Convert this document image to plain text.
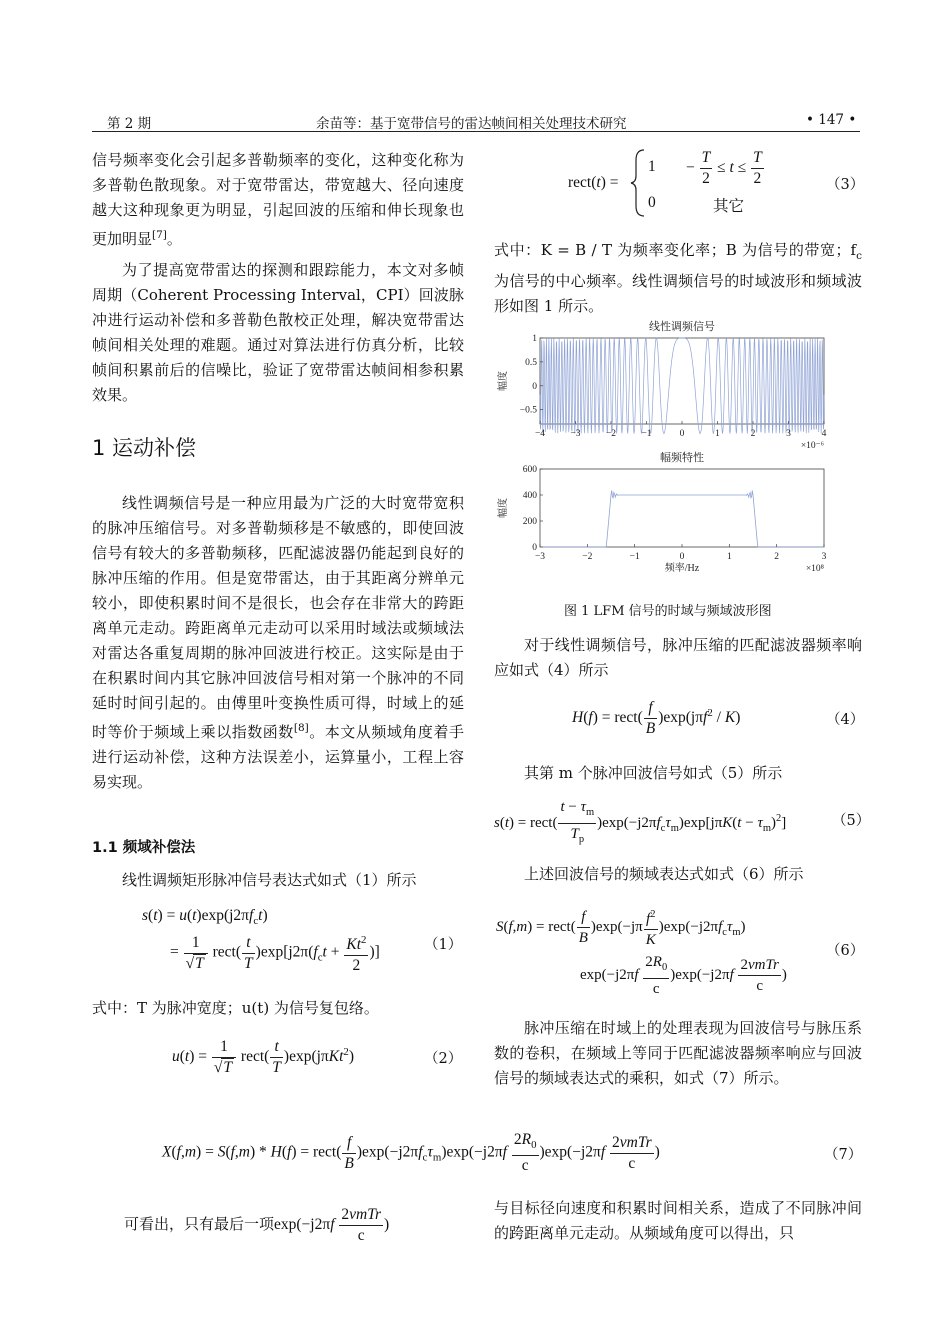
第 2 期	余苗等：基于宽带信号的雷达帧间相关处理技术研究	• 147 •

信号频率变化会引起多普勒频率的变化，这种变化称为多普勒色散现象。对于宽带雷达，带宽越大、径向速度越大这种现象更为明显，引起回波的压缩和伸长现象也更加明显[7]。

为了提高宽带雷达的探测和跟踪能力，本文对多帧周期（Coherent Processing Interval，CPI）回波脉冲进行运动补偿和多普勒色散校正处理，解决宽带雷达帧间相关处理的难题。通过对算法进行仿真分析，比较帧间积累前后的信噪比，验证了宽带雷达帧间相参积累效果。

1 运动补偿

线性调频信号是一种应用最为广泛的大时宽带宽积的脉冲压缩信号。对多普勒频移是不敏感的，即使回波信号有较大的多普勒频移，匹配滤波器仍能起到良好的脉冲压缩的作用。但是宽带雷达，由于其距离分辨单元较小，即使积累时间不是很长，也会存在非常大的跨距离单元走动。跨距离单元走动可以采用时域法或频域法对雷达各重复周期的脉冲回波进行校正。这实际是由于在积累时间内其它脉冲回波信号相对第一个脉冲的不同延时时间引起的。由傅里叶变换性质可得，时域上的延时等价于频域上乘以指数函数[8]。本文从频域角度着手进行运动补偿，这种方法误差小，运算量小，工程上容易实现。

1.1 频域补偿法

线性调频矩形脉冲信号表达式如式（1）所示

$s(t) = u(t)\exp(j2\pi f_ct)$
= $\frac{1}{√T}$ rect( $\frac{t}{T} )\exp[j2\pi(f_ct + \frac{Kt^2}{2}$ )]	（1）

式中：T 为脉冲宽度；u(t) 为信号复包络。

$u(t) = \frac{1}{√T}$ rect( $\frac{t}{T} )\exp(j\pi Kt^2)$	（2）
X(f,m) = S(f,m) * H(f) = rect( $\frac{f}{B} )\exp(-j2\pi f_c\tau_m)\exp(-j2\pi f \frac{2R_0}{c} )\exp(-j2\pi f \frac{\text{2vmTr}}{c}$ )	（7）
可看出，只有最后一项$\exp(-j2\pi f \frac{\text{2vmTr}}{c}$ )
rect(t) =
$1 - \frac{T}{2} \le t \le \frac{T}{2}$
0	其它
（3）

式中：K = B / T 为频率变化率；B 为信号的带宽；$f_c$ 为信号的中心频率。线性调频信号的时域波形和频域波形如图 1 所示。

线性调频信号
−4	−3	−2	−1	0	1	2	3	4
1
0.5
0
−0.5
×10⁻⁶
幅度
幅频特性
−3	−2	−1	0	1	2	3
600
400
200
0
频率/Hz	×10⁸
幅度
图 1 LFM 信号的时域与频域波形图

对于线性调频信号，脉冲压缩的匹配滤波器频率响应如式（4）所示

H(f) = rect( $\frac{f}{B} )\exp(j\pi f^2 / K)$	（4）

其第 m 个脉冲回波信号如式（5）所示

s(t) = rect( $\frac{t - \tau_m}{T_p} )\exp(-j2\pi f_c\tau_m)\exp[j\pi K(t - \tau_m)^2]$	（5）

上述回波信号的频域表达式如式（6）所示

S(f,m) = rect( $\frac{f}{B} )\exp(-j\pi \frac{f^2}{K} )\exp(-j2\pi f_c\tau_m)$
$\exp(-j2\pi f \frac{2R_0}{c} )\exp(-j2\pi f \frac{\text{2vmTr}}{c}$ )
（6）

脉冲压缩在时域上的处理表现为回波信号与脉压系数的卷积，在频域上等同于匹配滤波器频率响应与回波信号的频域表达式的乘积，如式（7）所示。

与目标径向速度和积累时间相关系，造成了不同脉冲间的跨距离单元走动。从频域角度可以得出，只
